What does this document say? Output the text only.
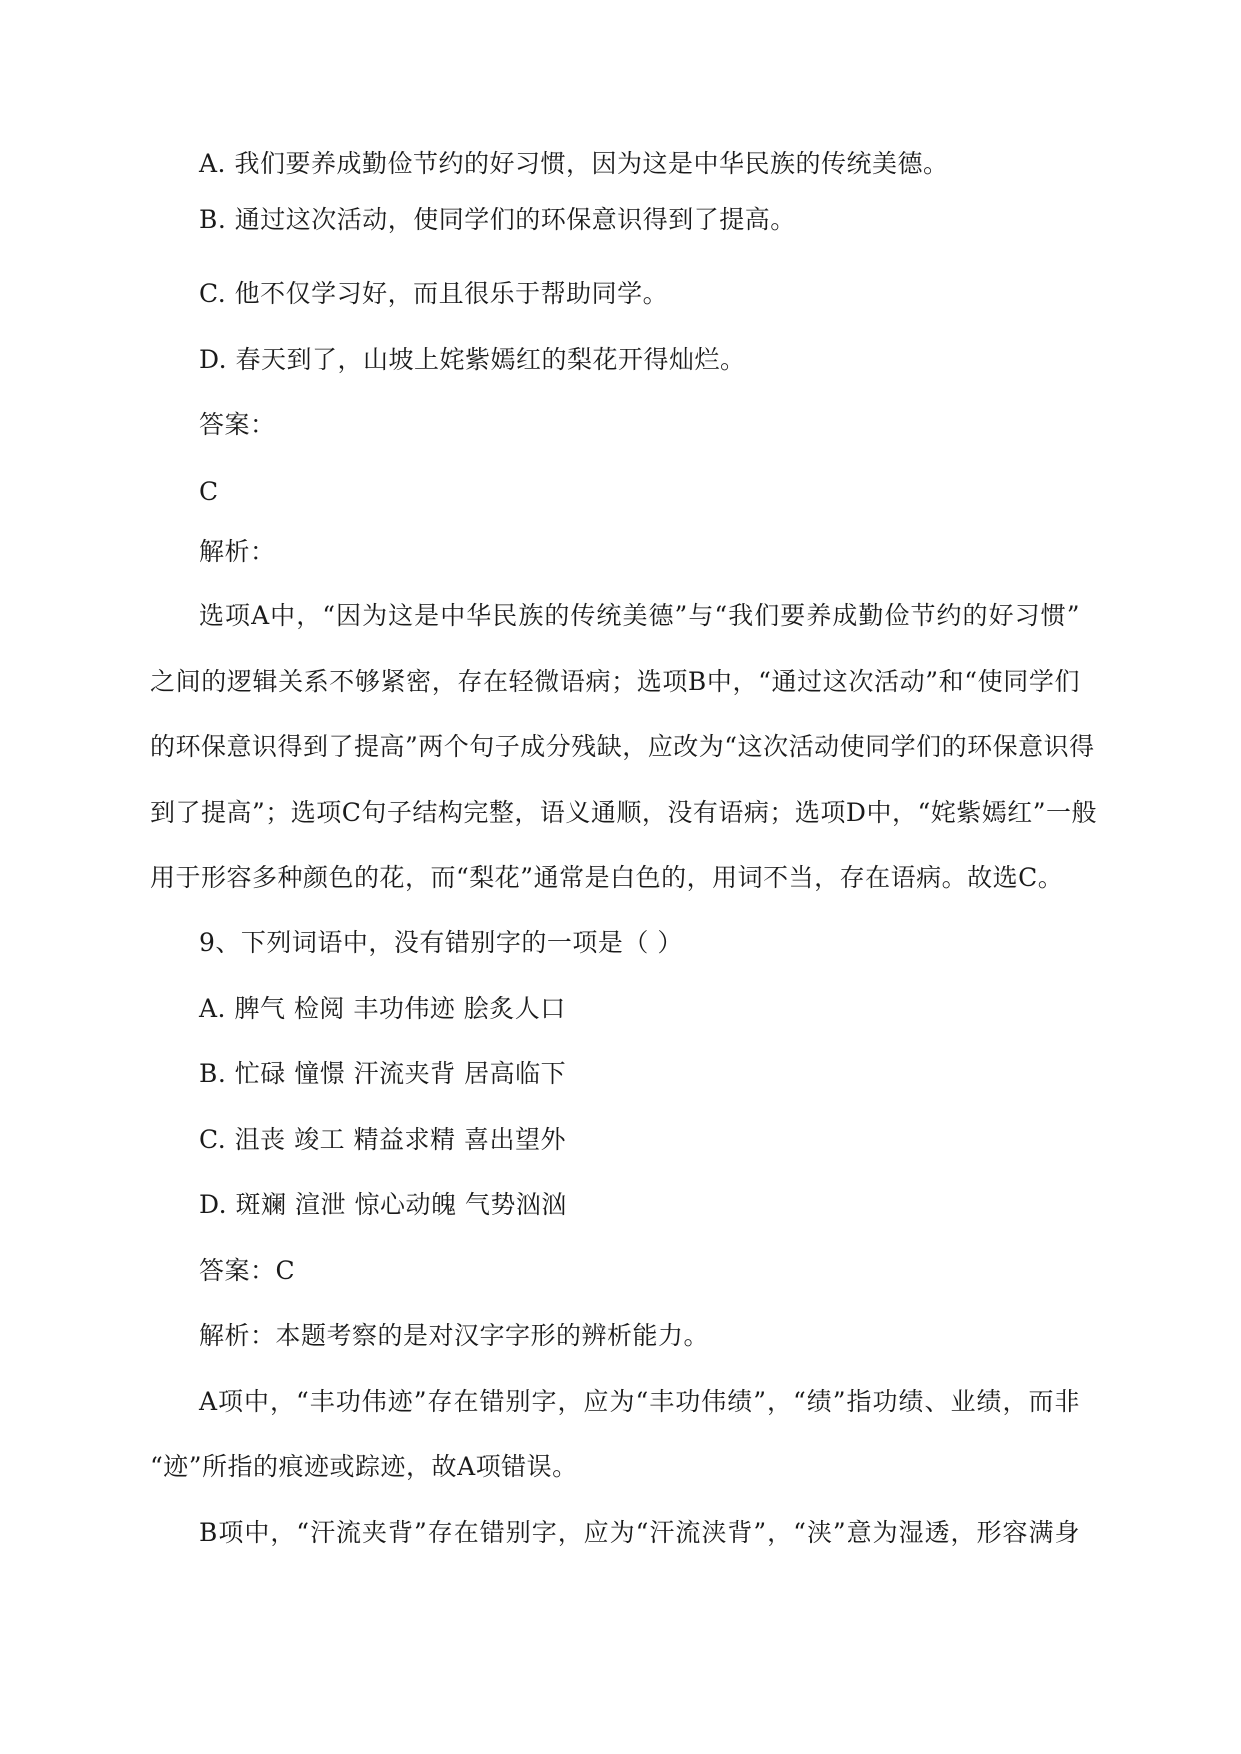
A. 我们要养成勤俭节约的好习惯，因为这是中华民族的传统美德。
B. 通过这次活动，使同学们的环保意识得到了提高。
C. 他不仅学习好，而且很乐于帮助同学。
D. 春天到了，山坡上姹紫嫣红的梨花开得灿烂。
答案：
C
解析：
选项A中，“因为这是中华民族的传统美德”与“我们要养成勤俭节约的好习惯”
之间的逻辑关系不够紧密，存在轻微语病；选项B中，“通过这次活动”和“使同学们
的环保意识得到了提高”两个句子成分残缺，应改为“这次活动使同学们的环保意识得
到了提高”；选项C句子结构完整，语义通顺，没有语病；选项D中，“姹紫嫣红”一般
用于形容多种颜色的花，而“梨花”通常是白色的，用词不当，存在语病。故选C。
9、下列词语中，没有错别字的一项是（ ）
A. 脾气 检阅 丰功伟迹 脍炙人口
B. 忙碌 憧憬 汗流夹背 居高临下
C. 沮丧 竣工 精益求精 喜出望外
D. 斑斓 渲泄 惊心动魄 气势汹汹
答案：C
解析：本题考察的是对汉字字形的辨析能力。
A项中，“丰功伟迹”存在错别字，应为“丰功伟绩”，“绩”指功绩、业绩，而非
“迹”所指的痕迹或踪迹，故A项错误。
B项中，“汗流夹背”存在错别字，应为“汗流浃背”，“浃”意为湿透，形容满身
